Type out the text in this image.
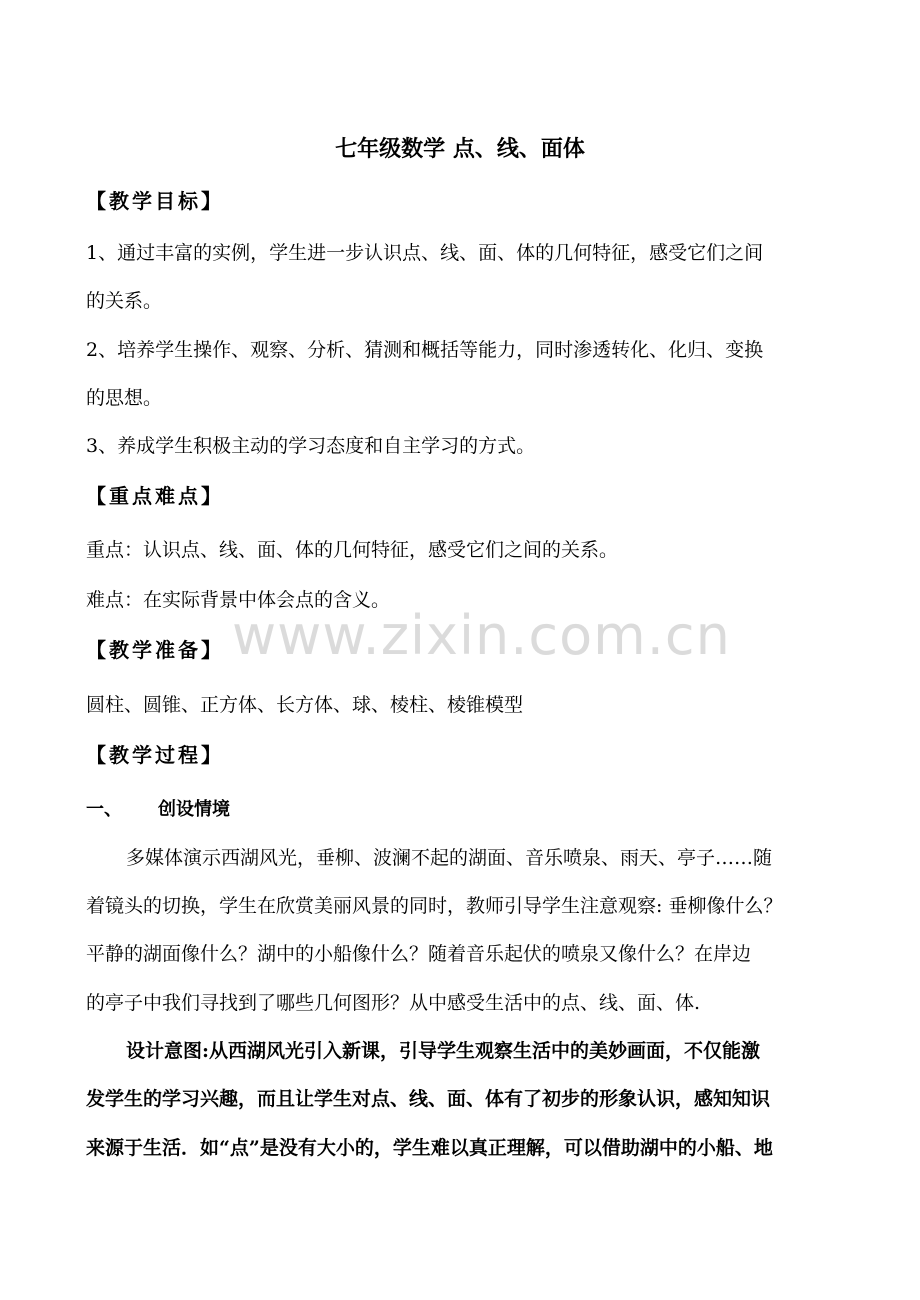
www.zixin.com.cn
七年级数学 点、线、面体
【教学目标】
1、通过丰富的实例，学生进一步认识点、线、面、体的几何特征，感受它们之间
的关系。
2、培养学生操作、观察、分析、猜测和概括等能力，同时渗透转化、化归、变换
的思想。
3、养成学生积极主动的学习态度和自主学习的方式。
【重点难点】
重点：认识点、线、面、体的几何特征，感受它们之间的关系。
难点：在实际背景中体会点的含义。
【教学准备】
圆柱、圆锥、正方体、长方体、球、棱柱、棱锥模型
【教学过程】
一、 创设情境
多媒体演示西湖风光，垂柳、波澜不起的湖面、音乐喷泉、雨天、亭子……随
着镜头的切换，学生在欣赏美丽风景的同时，教师引导学生注意观察: 垂柳像什么？
平静的湖面像什么？湖中的小船像什么？随着音乐起伏的喷泉又像什么？在岸边
的亭子中我们寻找到了哪些几何图形？从中感受生活中的点、线、面、体.
设计意图:从西湖风光引入新课，引导学生观察生活中的美妙画面，不仅能激
发学生的学习兴趣，而且让学生对点、线、面、体有了初步的形象认识，感知知识
来源于生活．如“点”是没有大小的，学生难以真正理解，可以借助湖中的小船、地
